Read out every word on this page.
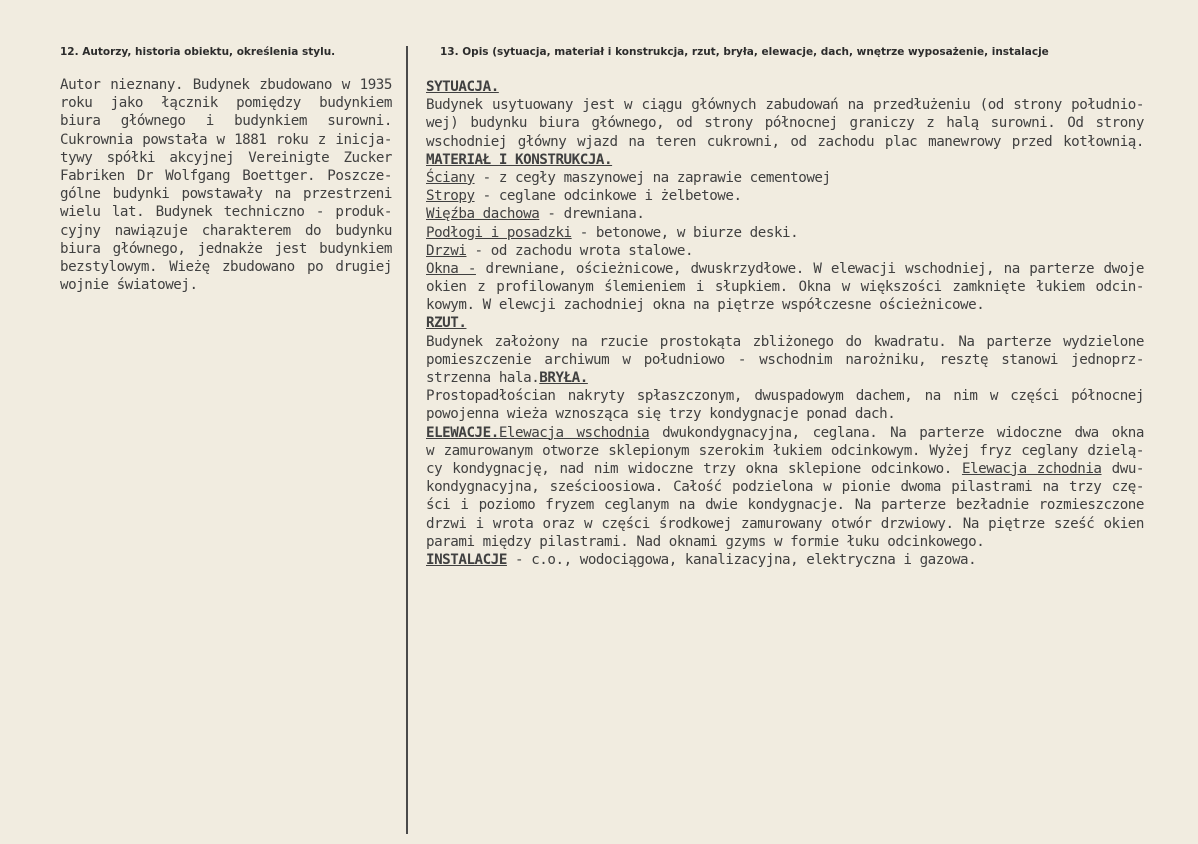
12. Autorzy, historia obiektu, określenia stylu.	13. Opis (sytuacja, materiał i konstrukcja, rzut, bryła, elewacje, dach, wnętrze wyposażenie, instalacje
Autor nieznany. Budynek zbudowano w 1935
roku jako łącznik pomiędzy budynkiem
biura głównego i budynkiem surowni.
Cukrownia powstała w 1881 roku z inicja-
tywy spółki akcyjnej Vereinigte Zucker
Fabriken Dr Wolfgang Boettger. Poszcze-
gólne budynki powstawały na przestrzeni
wielu lat. Budynek techniczno - produk-
cyjny nawiązuje charakterem do budynku
biura głównego, jednakże jest budynkiem
bezstylowym. Wieżę zbudowano po drugiej
wojnie światowej.
SYTUACJA.
Budynek usytuowany jest w ciągu głównych zabudowań na przedłużeniu (od strony południo-
wej) budynku biura głównego, od strony północnej graniczy z halą surowni. Od strony
wschodniej główny wjazd na teren cukrowni, od zachodu plac manewrowy przed kotłownią.
MATERIAŁ I KONSTRUKCJA.
Ściany - z cegły maszynowej na zaprawie cementowej
Stropy - ceglane odcinkowe i żelbetowe.
Więźba dachowa - drewniana.
Podłogi i posadzki - betonowe, w biurze deski.
Drzwi - od zachodu wrota stalowe.
Okna - drewniane, ościeżnicowe, dwuskrzydłowe. W elewacji wschodniej, na parterze dwoje
okien z profilowanym ślemieniem i słupkiem. Okna w większości zamknięte łukiem odcin-
kowym. W elewcji zachodniej okna na piętrze współczesne ościeżnicowe.
RZUT.
Budynek założony na rzucie prostokąta zbliżonego do kwadratu. Na parterze wydzielone
pomieszczenie archiwum w południowo - wschodnim narożniku, resztę stanowi jednoprz-
strzenna hala.BRYŁA.
Prostopadłościan nakryty spłaszczonym, dwuspadowym dachem, na nim w części północnej
powojenna wieża wznosząca się trzy kondygnacje ponad dach.
ELEWACJE.Elewacja wschodnia dwukondygnacyjna, ceglana. Na parterze widoczne dwa okna
w zamurowanym otworze sklepionym szerokim łukiem odcinkowym. Wyżej fryz ceglany dzielą-
cy kondygnację, nad nim widoczne trzy okna sklepione odcinkowo. Elewacja zchodnia dwu-
kondygnacyjna, sześcioosiowa. Całość podzielona w pionie dwoma pilastrami na trzy czę-
ści i poziomo fryzem ceglanym na dwie kondygnacje. Na parterze bezładnie rozmieszczone
drzwi i wrota oraz w części środkowej zamurowany otwór drzwiowy. Na piętrze sześć okien
parami między pilastrami. Nad oknami gzyms w formie łuku odcinkowego.
INSTALACJE - c.o., wodociągowa, kanalizacyjna, elektryczna i gazowa.
